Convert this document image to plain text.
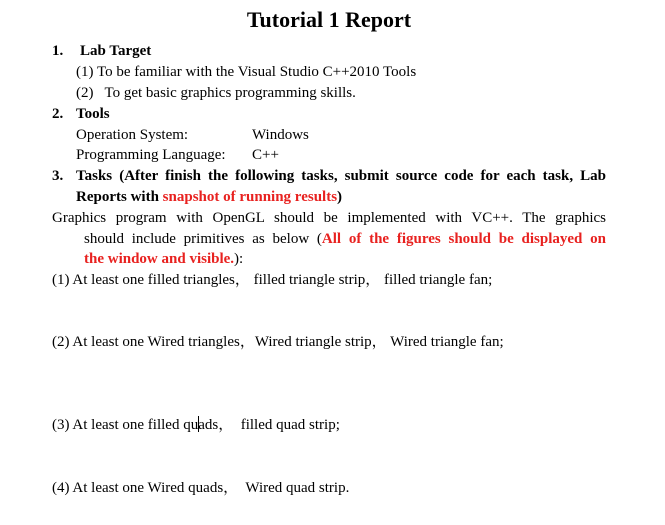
Tutorial 1 Report
1. Lab Target
(1) To be familiar with the Visual Studio C++2010 Tools
(2)   To get basic graphics programming skills.
2. Tools
Operation System:	Windows
Programming Language: C++
3. Tasks (After finish the following tasks, submit source code for each task, Lab
Reports with snapshot of running results)
Graphics program with OpenGL should be implemented with VC++. The graphics
should include primitives as below (All of the figures should be displayed on
the window and visible.):
(1) At least one filled triangles， filled triangle strip， filled triangle fan;
(2) At least one Wired triangles，Wired triangle strip， Wired triangle fan;
(3) At least one filled quads，  filled quad strip;
(4) At least one Wired quads，  Wired quad strip.
